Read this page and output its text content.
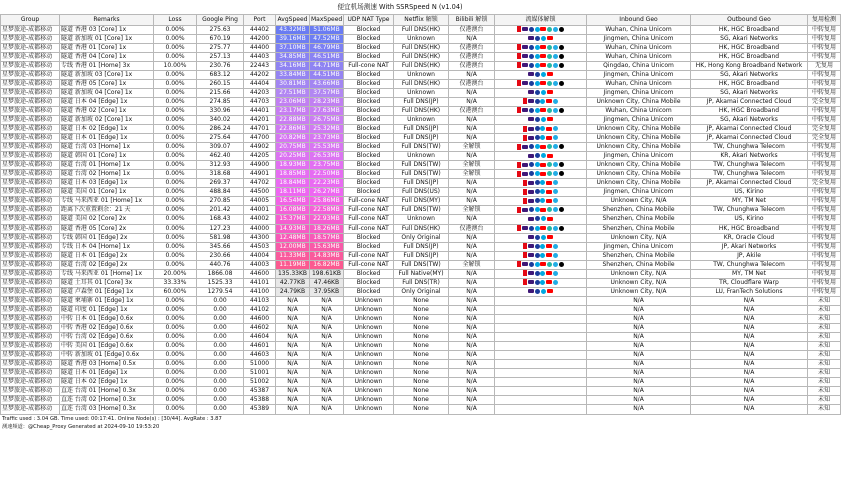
便宜机场测速 With SSRSpeed N (v1.04)
Group	Remarks	Loss	Google Ping	Port	AvgSpeed	MaxSpeed	UDP NAT Type	Netflix 解锁	Bilibili 解锁	流媒体解锁	Inbound Geo	Outbound Geo	复用检测
星梦旅途-成都移动	隧道 香港 03 [Core] 1x	0.00%	275.63	44402	43.32MB	51.06MB	Blocked	Full DNS(HK)	仅港澳台		Wuhan, China Unicom	HK, HGC Broadband	中转复用
星梦旅途-成都移动	隧道 新加坡 01 [Core] 1x	0.00%	670.19	44200	39.16MB	47.52MB	Blocked	Unknown	N/A		Jingmen, China Unicom	SG, Akari Networks	中转复用
星梦旅途-成都移动	隧道 香港 01 [Core] 1x	0.00%	275.77	44400	37.10MB	46.79MB	Blocked	Full DNS(HK)	仅港澳台		Wuhan, China Unicom	HK, HGC Broadband	中转复用
星梦旅途-成都移动	隧道 香港 04 [Core] 1x	0.00%	257.13	44403	34.85MB	46.51MB	Blocked	Full DNS(HK)	仅港澳台		Wuhan, China Unicom	HK, HGC Broadband	中转复用
星梦旅途-成都移动	专线 香港 01 [Home] 3x	10.00%	230.76	22443	34.16MB	44.71MB	Full-cone NAT	Full DNS(HK)	仅港澳台		Qingdao, China Unicom	HK, Hong Kong Broadband Network	无复用
星梦旅途-成都移动	隧道 新加坡 03 [Core] 1x	0.00%	683.12	44202	33.84MB	44.51MB	Blocked	Unknown	N/A		Jingmen, China Unicom	SG, Akari Networks	中转复用
星梦旅途-成都移动	隧道 香港 05 [Core] 1x	0.00%	260.15	44404	30.81MB	43.66MB	Blocked	Full DNS(HK)	仅港澳台		Wuhan, China Unicom	HK, HGC Broadband	中转复用
星梦旅途-成都移动	隧道 新加坡 04 [Core] 1x	0.00%	215.66	44203	27.51MB	37.57MB	Blocked	Unknown	N/A		Jingmen, China Unicom	SG, Akari Networks	中转复用
星梦旅途-成都移动	隧道 日本 04 [Edge] 1x	0.00%	274.85	44703	23.06MB	28.23MB	Blocked	Full DNS(JP)	N/A		Unknown City, China Mobile	JP, Akamai Connected Cloud	完全复用
星梦旅途-成都移动	隧道 香港 02 [Core] 1x	0.00%	330.96	44401	23.17MB	27.63MB	Blocked	Full DNS(HK)	仅港澳台		Wuhan, China Unicom	HK, HGC Broadband	中转复用
星梦旅途-成都移动	隧道 新加坡 02 [Core] 1x	0.00%	340.02	44201	22.88MB	26.75MB	Blocked	Unknown	N/A		Jingmen, China Unicom	SG, Akari Networks	中转复用
星梦旅途-成都移动	隧道 日本 02 [Edge] 1x	0.00%	286.24	44701	22.86MB	25.32MB	Blocked	Full DNS(JP)	N/A		Unknown City, China Mobile	JP, Akamai Connected Cloud	完全复用
星梦旅途-成都移动	隧道 日本 01 [Edge] 1x	0.00%	275.64	44700	20.82MB	23.73MB	Blocked	Full DNS(JP)	N/A		Unknown City, China Mobile	JP, Akamai Connected Cloud	完全复用
星梦旅途-成都移动	隧道 台湾 03 [Home] 1x	0.00%	309.07	44902	20.75MB	25.53MB	Blocked	Full DNS(TW)	全解锁		Unknown City, China Mobile	TW, Chunghwa Telecom	中转复用
星梦旅途-成都移动	隧道 韩国 01 [Core] 1x	0.00%	462.40	44205	20.25MB	26.53MB	Blocked	Unknown	N/A		Jingmen, China Unicom	KR, Akari Networks	中转复用
星梦旅途-成都移动	隧道 台湾 01 [Home] 1x	0.00%	312.93	44900	18.93MB	23.75MB	Blocked	Full DNS(TW)	全解锁		Unknown City, China Mobile	TW, Chunghwa Telecom	中转复用
星梦旅途-成都移动	隧道 台湾 02 [Home] 1x	0.00%	318.68	44901	18.85MB	22.50MB	Blocked	Full DNS(TW)	全解锁		Unknown City, China Mobile	TW, Chunghwa Telecom	中转复用
星梦旅途-成都移动	隧道 日本 03 [Edge] 1x	0.00%	269.37	44702	18.84MB	22.23MB	Blocked	Full DNS(JP)	N/A		Unknown City, China Mobile	JP, Akamai Connected Cloud	完全复用
星梦旅途-成都移动	隧道 美国 01 [Core] 1x	0.00%	488.84	44500	18.11MB	26.27MB	Blocked	Full DNS(US)	N/A		Jingmen, China Unicom	US, Kirino	中转复用
星梦旅途-成都移动	专线 马来西亚 01 [Home] 1x	0.00%	270.85	44005	16.54MB	25.86MB	Full-cone NAT	Full DNS(MY)	N/A		Unknown City, N/A	MY, TM Net	中转复用
星梦旅途-成都移动	距离下次重置剩余：21 天	0.00%	201.42	44001	16.08MB	22.58MB	Full-cone NAT	Full DNS(TW)	全解锁		Shenzhen, China Mobile	TW, Chunghwa Telecom	中转复用
星梦旅途-成都移动	隧道 美国 02 [Core] 2x	0.00%	168.43	44002	15.37MB	22.93MB	Full-cone NAT	Unknown	N/A		Shenzhen, China Mobile	US, Kirino	中转复用
星梦旅途-成都移动	隧道 香港 05 [Core] 2x	0.00%	127.23	44000	14.93MB	18.26MB	Full-cone NAT	Full DNS(HK)	仅港澳台		Shenzhen, China Mobile	HK, HGC Broadband	中转复用
星梦旅途-成都移动	专线 韩国 01 [Edge] 2x	0.00%	581.98	44300	12.48MB	18.57MB	Blocked	Only Original	N/A		Unknown City, N/A	KR, Oracle Cloud	中转复用
星梦旅途-成都移动	专线 日本 04 [Home] 1x	0.00%	345.66	44503	12.00MB	15.63MB	Blocked	Full DNS(JP)	N/A		Jingmen, China Unicom	JP, Akari Networks	中转复用
星梦旅途-成都移动	隧道 日本 01 [Edge] 2x	0.00%	230.66	44004	11.33MB	14.83MB	Full-cone NAT	Full DNS(JP)	N/A		Shenzhen, China Mobile	JP, Akile	中转复用
星梦旅途-成都移动	隧道 台湾 02 [Edge] 2x	0.00%	440.76	44003	11.19MB	16.82MB	Full-cone NAT	Full DNS(TW)	全解锁		Shenzhen, China Mobile	TW, Chunghwa Telecom	中转复用
星梦旅途-成都移动	专线 马来西亚 01 [Home] 1x	20.00%	1866.08	44600	135.33KB	198.61KB	Blocked	Full Native(MY)	N/A		Unknown City, N/A	MY, TM Net	中转复用
星梦旅途-成都移动	隧道 土耳其 01 [Core] 3x	33.33%	1525.33	44101	42.77KB	47.46KB	Blocked	Full DNS(TR)	N/A		Unknown City, N/A	TR, Cloudflare Warp	中转复用
星梦旅途-成都移动	隧道 卢森堡 01 [Edge] 1x	60.00%	1279.54	44100	24.79KB	37.95KB	Blocked	Only Original	N/A		Unknown City, N/A	LU, FranTech Solutions	中转复用
星梦旅途-成都移动	隧道 柬埔寨 01 [Edge] 1x	0.00%	0.00	44103	N/A	N/A	Unknown	None	N/A		N/A	N/A	未知
星梦旅途-成都移动	隧道 印度 01 [Edge] 1x	0.00%	0.00	44102	N/A	N/A	Unknown	None	N/A		N/A	N/A	未知
星梦旅途-成都移动	中转 日本 01 [Edge] 0.6x	0.00%	0.00	44600	N/A	N/A	Unknown	None	N/A		N/A	N/A	未知
星梦旅途-成都移动	中转 香港 02 [Edge] 0.6x	0.00%	0.00	44602	N/A	N/A	Unknown	None	N/A		N/A	N/A	未知
星梦旅途-成都移动	中转 台湾 02 [Edge] 0.6x	0.00%	0.00	44604	N/A	N/A	Unknown	None	N/A		N/A	N/A	未知
星梦旅途-成都移动	中转 美国 01 [Edge] 0.6x	0.00%	0.00	44601	N/A	N/A	Unknown	None	N/A		N/A	N/A	未知
星梦旅途-成都移动	中转 新加坡 01 [Edge] 0.6x	0.00%	0.00	44603	N/A	N/A	Unknown	None	N/A		N/A	N/A	未知
星梦旅途-成都移动	隧道 香港 03 [Home] 0.5x	0.00%	0.00	51000	N/A	N/A	Unknown	None	N/A		N/A	N/A	未知
星梦旅途-成都移动	隧道 日本 01 [Edge] 1x	0.00%	0.00	51001	N/A	N/A	Unknown	None	N/A		N/A	N/A	未知
星梦旅途-成都移动	隧道 日本 02 [Edge] 1x	0.00%	0.00	51002	N/A	N/A	Unknown	None	N/A		N/A	N/A	未知
星梦旅途-成都移动	直连 台湾 01 [Home] 0.3x	0.00%	0.00	45387	N/A	N/A	Unknown	None	N/A		N/A	N/A	未知
星梦旅途-成都移动	直连 台湾 02 [Home] 0.3x	0.00%	0.00	45388	N/A	N/A	Unknown	None	N/A		N/A	N/A	未知
星梦旅途-成都移动	直连 台湾 03 [Home] 0.3x	0.00%	0.00	45389	N/A	N/A	Unknown	None	N/A		N/A	N/A	未知
Traffic used : 3.04 GB. Time used: 00:17:41. Online Node(s) : [30/44]. AvgRate : 3.87
测速频道：@Cheap_Proxy Generated at 2024-09-10 19:53:20
